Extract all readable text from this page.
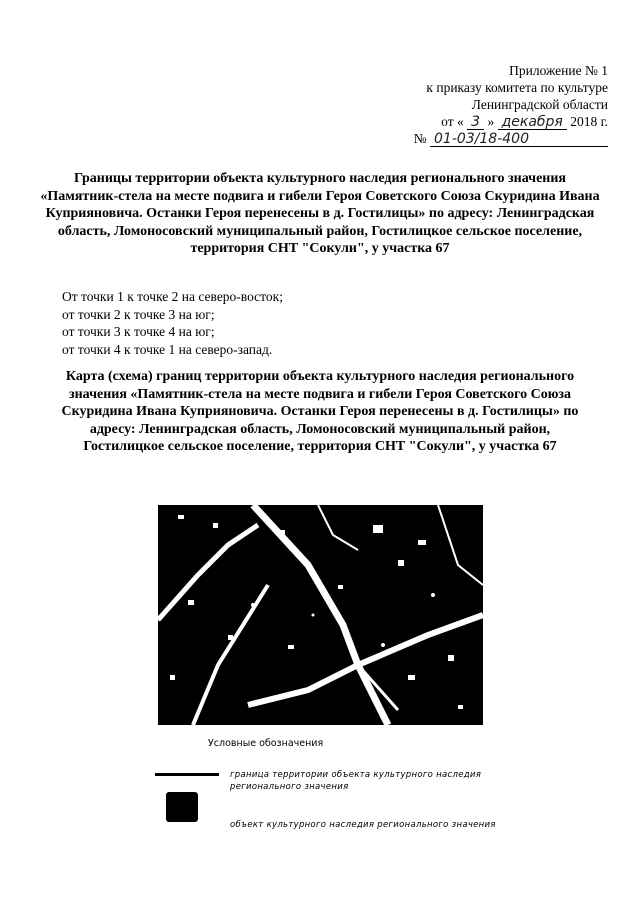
Приложение № 1
к приказу комитета по культуре
Ленинградской области
от « 3 » декабря 2018 г.
№ 01-03/18-400
Границы территории объекта культурного наследия регионального значения «Памятник-стела на месте подвига и гибели Героя Советского Союза Скуридина Ивана Куприяновича. Останки Героя перенесены в д. Гостилицы» по адресу: Ленинградская область, Ломоносовский муниципальный район, Гостилицкое сельское поселение, территория СНТ "Сокули", у участка 67
От точки 1 к точке 2 на северо-восток;
от точки 2 к точке 3 на юг;
от точки 3 к точке 4 на юг;
от точки 4 к точке 1 на северо-запад.
Карта (схема) границ территории объекта культурного наследия регионального значения «Памятник-стела на месте подвига и гибели Героя Советского Союза Скуридина Ивана Куприяновича. Останки Героя перенесены в д. Гостилицы» по адресу: Ленинградская область, Ломоносовский муниципальный район, Гостилицкое сельское поселение, территория СНТ "Сокули", у участка 67
Условные обозначения
граница территории объекта культурного наследия регионального значения
объект культурного наследия регионального значения
